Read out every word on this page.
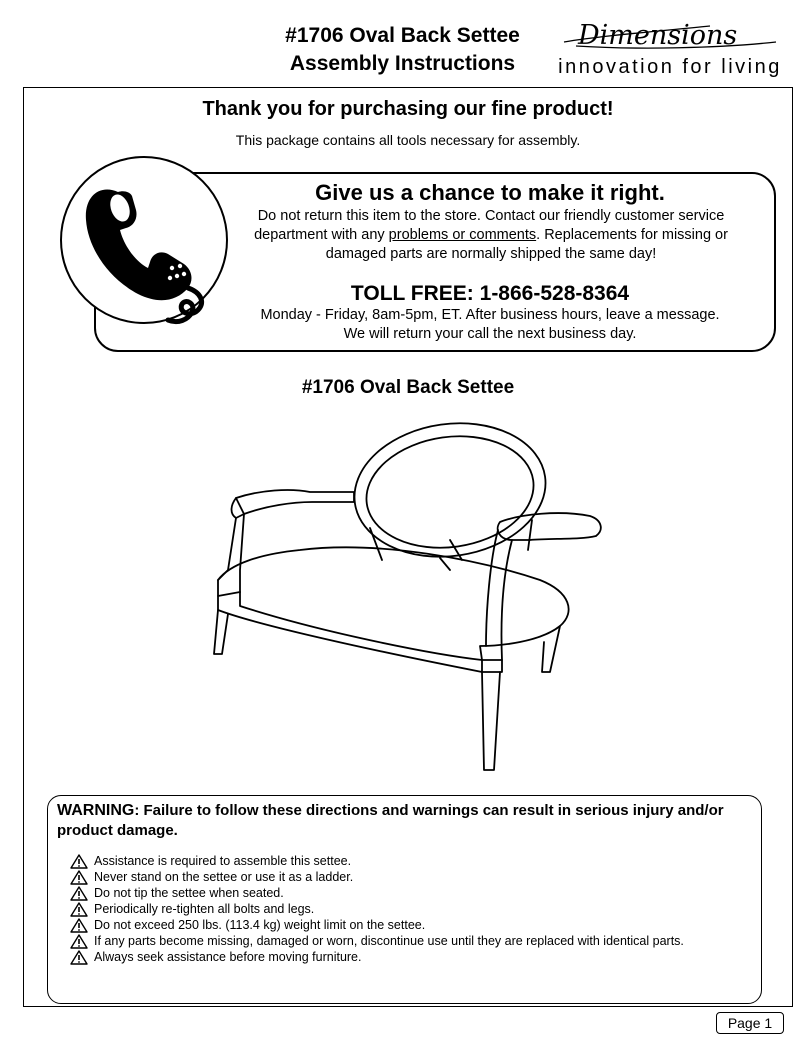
#1706 Oval Back Settee
Assembly Instructions
Dimensions
innovation for living
Thank you for purchasing our fine product!
This package contains all tools necessary for assembly.
Give us a chance to make it right.
Do not return this item to the store. Contact our friendly customer service department with any problems or comments. Replacements for missing or damaged parts are normally shipped the same day!
TOLL FREE: 1-866-528-8364
Monday - Friday, 8am-5pm, ET. After business hours, leave a message.
We will return your call the next business day.
#1706 Oval Back Settee
WARNING: Failure to follow these directions and warnings can result in serious injury and/or product damage.
Assistance is required to assemble this settee.
Never stand on the settee or use it as a ladder.
Do not tip the settee when seated.
Periodically re-tighten all bolts and legs.
Do not exceed 250 lbs. (113.4 kg) weight limit on the settee.
If any parts become missing, damaged or worn, discontinue use until they are replaced with identical parts.
Always seek assistance before moving furniture.
Page 1
